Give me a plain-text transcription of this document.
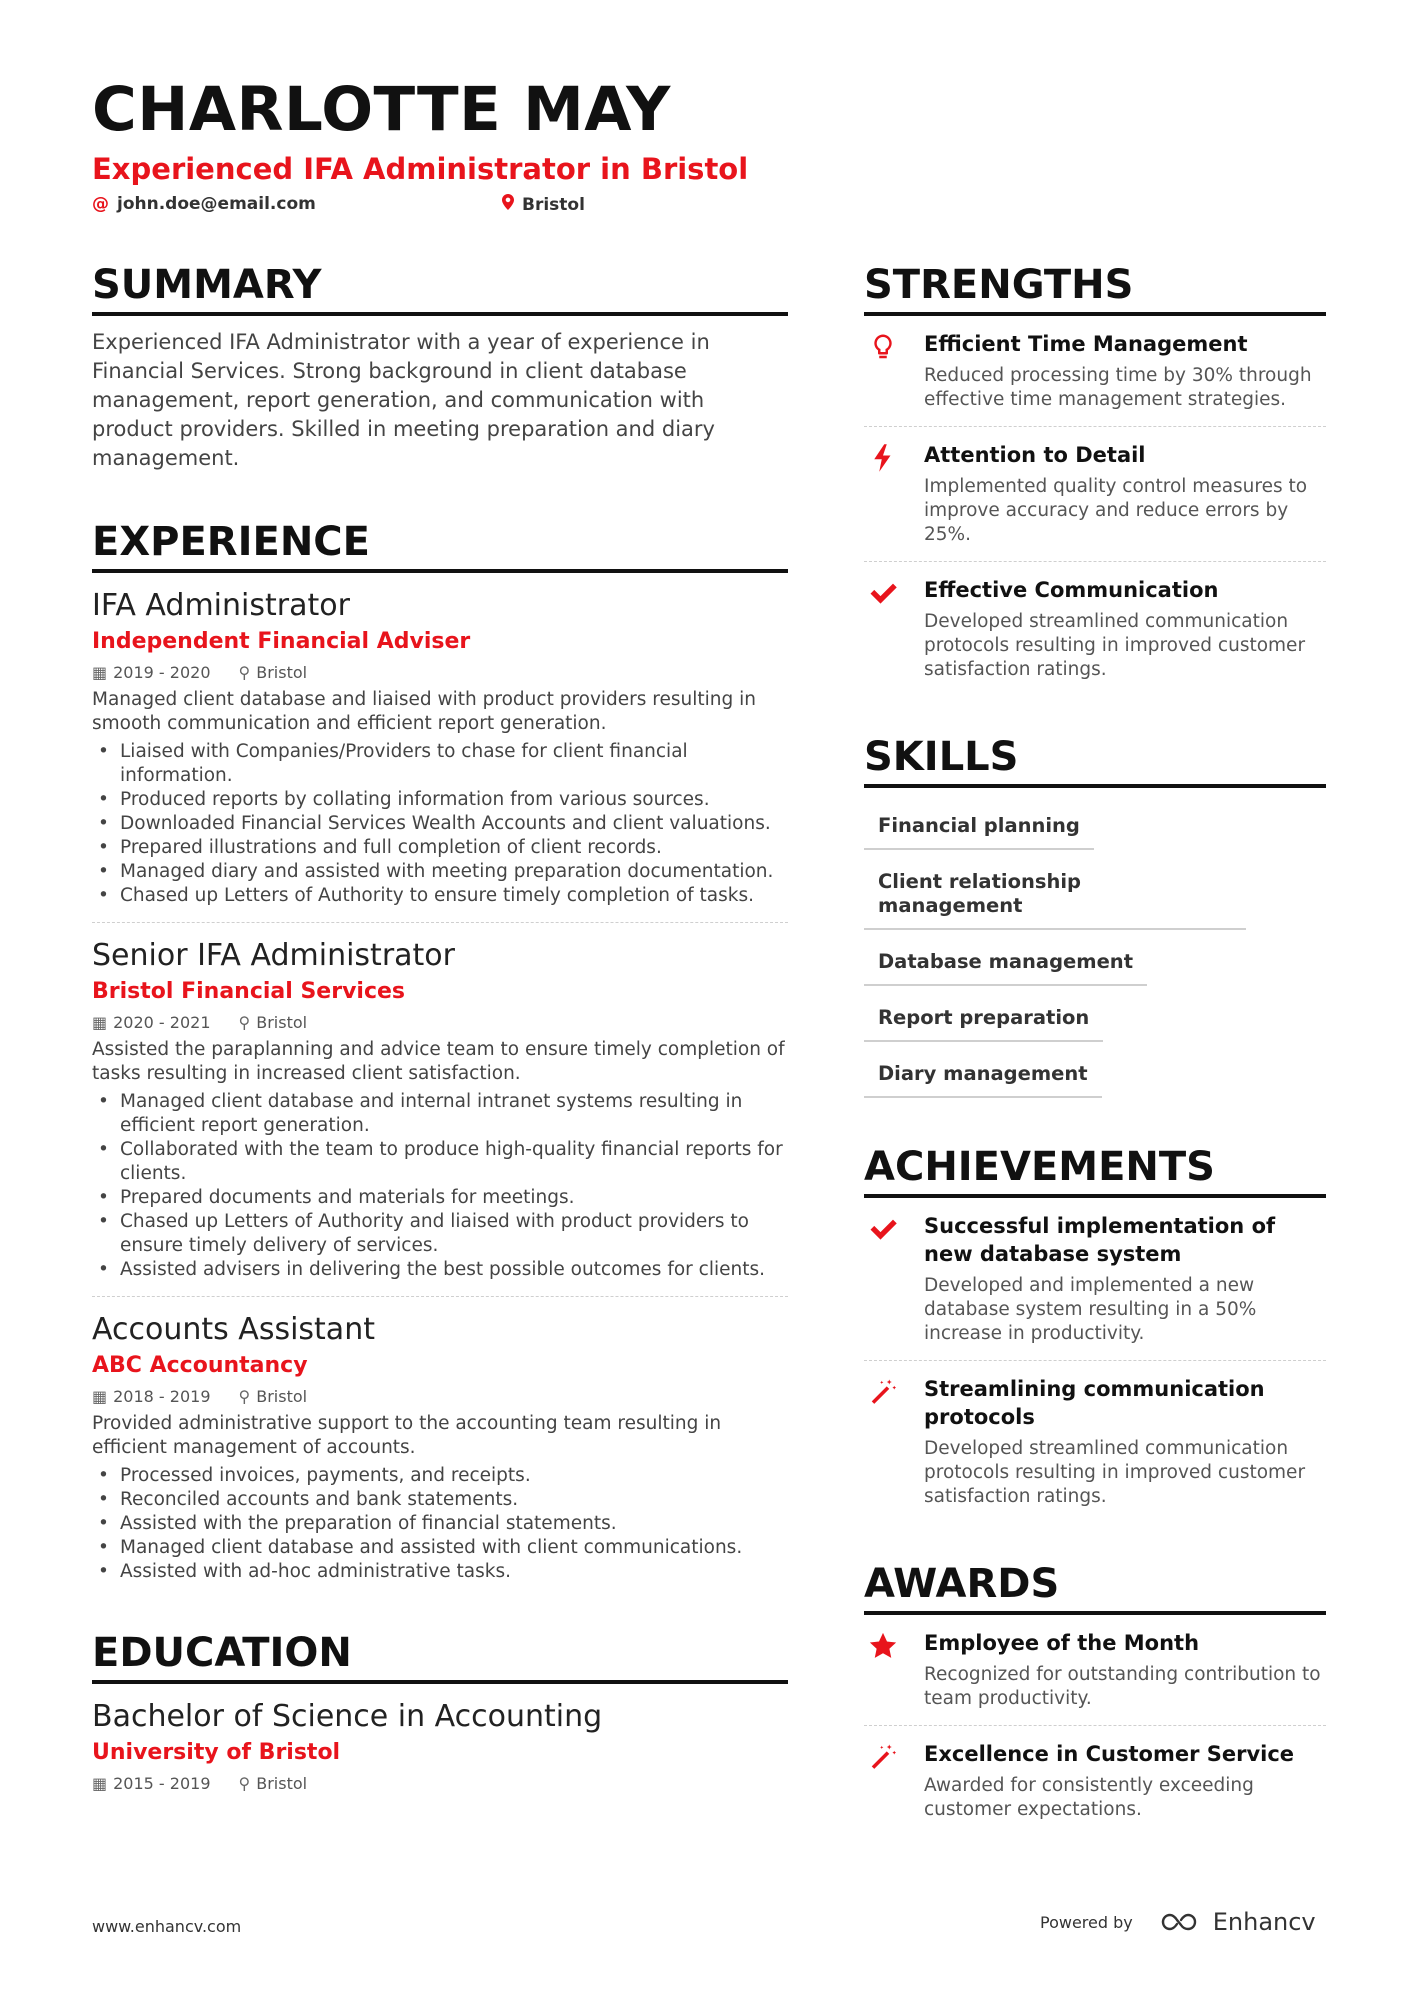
CHARLOTTE MAY
Experienced IFA Administrator in Bristol
@ john.doe@email.com	Bristol
SUMMARY
Experienced IFA Administrator with a year of experience in Financial Services. Strong background in client database management, report generation, and communication with product providers. Skilled in meeting preparation and diary management.
EXPERIENCE
IFA Administrator
Independent Financial Adviser
▦ 2019 - 2020 ⚲ Bristol
Managed client database and liaised with product providers resulting in smooth communication and efficient report generation.
• Liaised with Companies/Providers to chase for client financial information.
• Produced reports by collating information from various sources.
• Downloaded Financial Services Wealth Accounts and client valuations.
• Prepared illustrations and full completion of client records.
• Managed diary and assisted with meeting preparation documentation.
• Chased up Letters of Authority to ensure timely completion of tasks.
Senior IFA Administrator
Bristol Financial Services
▦ 2020 - 2021 ⚲ Bristol
Assisted the paraplanning and advice team to ensure timely completion of tasks resulting in increased client satisfaction.
• Managed client database and internal intranet systems resulting in efficient report generation.
• Collaborated with the team to produce high-quality financial reports for clients.
• Prepared documents and materials for meetings.
• Chased up Letters of Authority and liaised with product providers to ensure timely delivery of services.
• Assisted advisers in delivering the best possible outcomes for clients.
Accounts Assistant
ABC Accountancy
▦ 2018 - 2019 ⚲ Bristol
Provided administrative support to the accounting team resulting in efficient management of accounts.
• Processed invoices, payments, and receipts.
• Reconciled accounts and bank statements.
• Assisted with the preparation of financial statements.
• Managed client database and assisted with client communications.
• Assisted with ad-hoc administrative tasks.
EDUCATION
Bachelor of Science in Accounting
University of Bristol
▦ 2015 - 2019 ⚲ Bristol
STRENGTHS
Efficient Time Management
Reduced processing time by 30% through effective time management strategies.
Attention to Detail
Implemented quality control measures to improve accuracy and reduce errors by 25%.
Effective Communication
Developed streamlined communication protocols resulting in improved customer satisfaction ratings.
SKILLS
Financial planning
Client relationship management
Database management
Report preparation
Diary management
ACHIEVEMENTS
Successful implementation of new database system
Developed and implemented a new database system resulting in a 50% increase in productivity.
Streamlining communication protocols
Developed streamlined communication protocols resulting in improved customer satisfaction ratings.
AWARDS
Employee of the Month
Recognized for outstanding contribution to team productivity.
Excellence in Customer Service
Awarded for consistently exceeding customer expectations.
www.enhancv.com	Powered by	Enhancv
